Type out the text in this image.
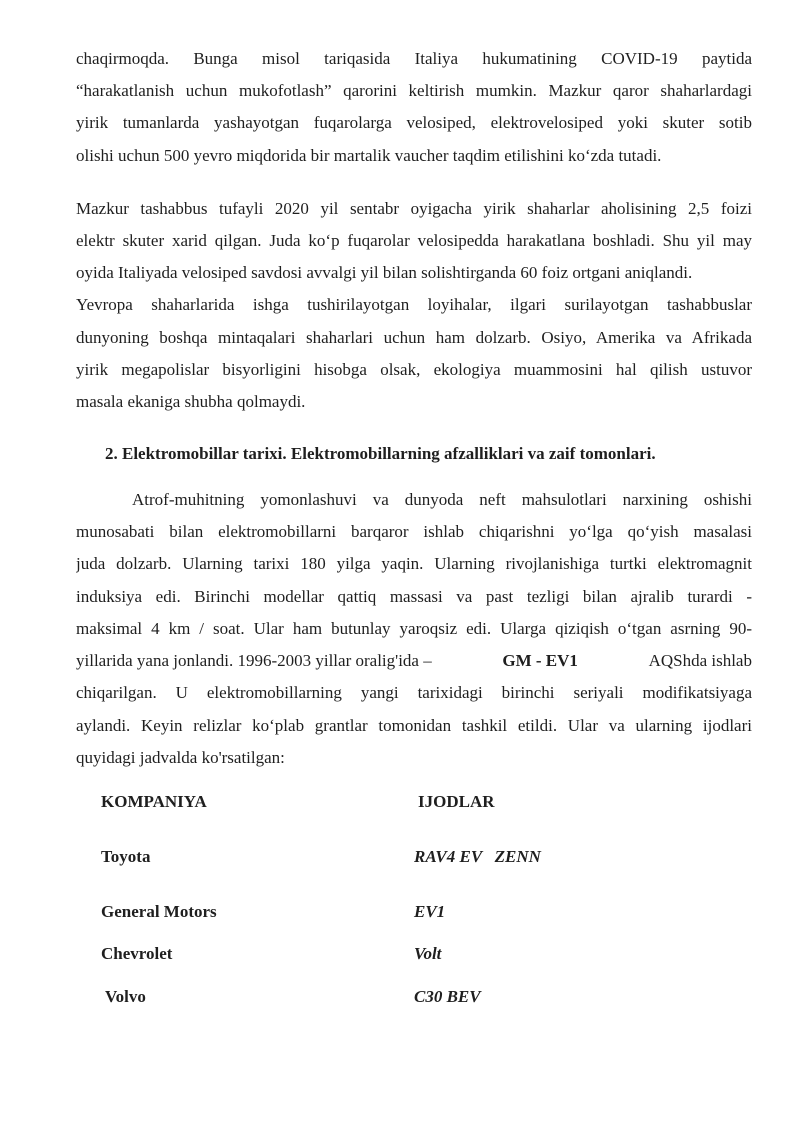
chaqirmoqda. Bunga misol tariqasida Italiya hukumatining COVID-19 paytida
“harakatlanish uchun mukofotlash” qarorini keltirish mumkin. Mazkur qaror shaharlardagi
yirik tumanlarda yashayotgan fuqarolarga velosiped, elektrovelosiped yoki skuter sotib
olishi uchun 500 yevro miqdorida bir martalik vaucher taqdim etilishini ko‘zda tutadi.
Mazkur tashabbus tufayli 2020 yil sentabr oyigacha yirik shaharlar aholisining 2,5 foizi
elektr skuter xarid qilgan. Juda ko‘p fuqarolar velosipedda harakatlana boshladi. Shu yil may
oyida Italiyada velosiped savdosi avvalgi yil bilan solishtirganda 60 foiz ortgani aniqlandi.
Yevropa shaharlarida ishga tushirilayotgan loyihalar, ilgari surilayotgan tashabbuslar
dunyoning boshqa mintaqalari shaharlari uchun ham dolzarb. Osiyo, Amerika va Afrikada
yirik megapolislar bisyorligini hisobga olsak, ekologiya muammosini hal qilish ustuvor
masala ekaniga shubha qolmaydi.
2. Elektromobillar tarixi. Elektromobillarning afzalliklari va zaif tomonlari.
Atrof-muhitning yomonlashuvi va dunyoda neft mahsulotlari narxining oshishi
munosabati bilan elektromobillarni barqaror ishlab chiqarishni yo‘lga qo‘yish masalasi
juda dolzarb. Ularning tarixi 180 yilga yaqin. Ularning rivojlanishiga turtki elektromagnit
induksiya edi. Birinchi modellar qattiq massasi va past tezligi bilan ajralib turardi -
maksimal 4 km / soat. Ular ham butunlay yaroqsiz edi. Ularga qiziqish o‘tgan asrning 90-
yillarida yana jonlandi. 1996-2003 yillar oralig'ida –	GM - EV1	AQShda ishlab
chiqarilgan. U elektromobillarning yangi tarixidagi birinchi seriyali modifikatsiyaga
aylandi. Keyin relizlar ko‘plab grantlar tomonidan tashkil etildi. Ular va ularning ijodlari
quyidagi jadvalda ko'rsatilgan:
KOMPANIYA	IJODLAR
Toyota	RAV4 EV   ZENN
General Motors	EV1
Chevrolet	Volt
Volvo	C30 BEV
